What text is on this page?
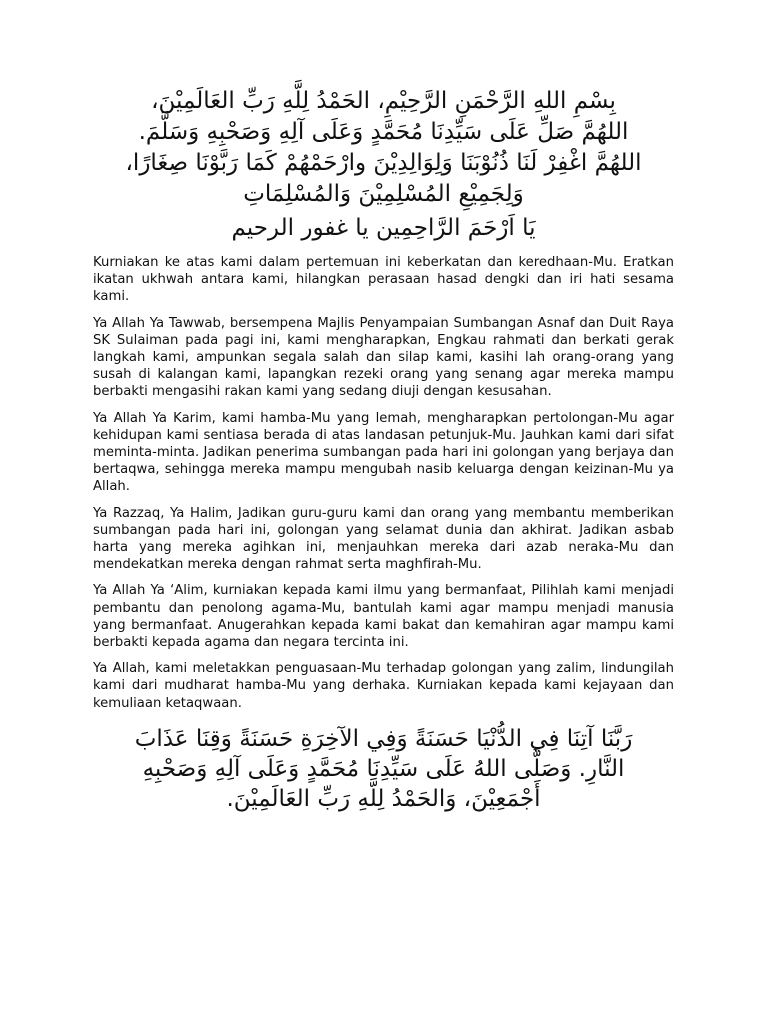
بِسْمِ اللهِ الرَّحْمَنِ الرَّحِيْمِ، الحَمْدُ لِلَّهِ رَبِّ العَالَمِيْنَ،
اللهُمَّ صَلِّ عَلَى سَيِّدِنَا مُحَمَّدٍ وَعَلَى آلِهِ وَصَحْبِهِ وَسَلَّمَ.
اللهُمَّ اغْفِرْ لَنَا ذُنُوْبَنَا وَلِوَالِدِيْنَ وارْحَمْهُمْ كَمَا رَبَّوْنَا صِغَارًا،
وَلِجَمِيْعِ المُسْلِمِيْنَ وَالمُسْلِمَاتِ
يَا اَرْحَمَ الرَّاحِمِين يا غفور الرحيم

Kurniakan ke atas kami dalam pertemuan ini keberkatan dan keredhaan-Mu. Eratkan ikatan ukhwah antara kami, hilangkan perasaan hasad dengki dan iri hati sesama kami.

Ya Allah Ya Tawwab, bersempena Majlis Penyampaian Sumbangan Asnaf dan Duit Raya SK Sulaiman pada pagi ini, kami mengharapkan, Engkau rahmati dan berkati gerak langkah kami, ampunkan segala salah dan silap kami, kasihi lah orang-orang yang susah di kalangan kami, lapangkan rezeki orang yang senang agar mereka mampu berbakti mengasihi rakan kami yang sedang diuji dengan kesusahan.

Ya Allah Ya Karim, kami hamba-Mu yang lemah, mengharapkan pertolongan-Mu agar kehidupan kami sentiasa berada di atas landasan petunjuk-Mu. Jauhkan kami dari sifat meminta-minta. Jadikan penerima sumbangan pada hari ini golongan yang berjaya dan bertaqwa, sehingga mereka mampu mengubah nasib keluarga dengan keizinan-Mu ya Allah.

Ya Razzaq, Ya Halim, Jadikan guru-guru kami dan orang yang membantu memberikan sumbangan pada hari ini, golongan yang selamat dunia dan akhirat. Jadikan asbab harta yang mereka agihkan ini, menjauhkan mereka dari azab neraka-Mu dan mendekatkan mereka dengan rahmat serta maghfirah-Mu.

Ya Allah Ya ‘Alim, kurniakan kepada kami ilmu yang bermanfaat, Pilihlah kami menjadi pembantu dan penolong agama-Mu, bantulah kami agar mampu menjadi manusia yang bermanfaat. Anugerahkan kepada kami bakat dan kemahiran agar mampu kami berbakti kepada agama dan negara tercinta ini.

Ya Allah, kami meletakkan penguasaan-Mu terhadap golongan yang zalim, lindungilah kami dari mudharat hamba-Mu yang derhaka. Kurniakan kepada kami kejayaan dan kemuliaan ketaqwaan.

رَبَّنَا آتِنَا فِي الدُّنْيَا حَسَنَةً وَفِي الآخِرَةِ حَسَنَةً وَقِنَا عَذَابَ
النَّارِ. وَصَلَّى اللهُ عَلَى سَيِّدِنَا مُحَمَّدٍ وَعَلَى آلِهِ وَصَحْبِهِ
أَجْمَعِيْنَ، وَالحَمْدُ لِلَّهِ رَبِّ العَالَمِيْنَ.
